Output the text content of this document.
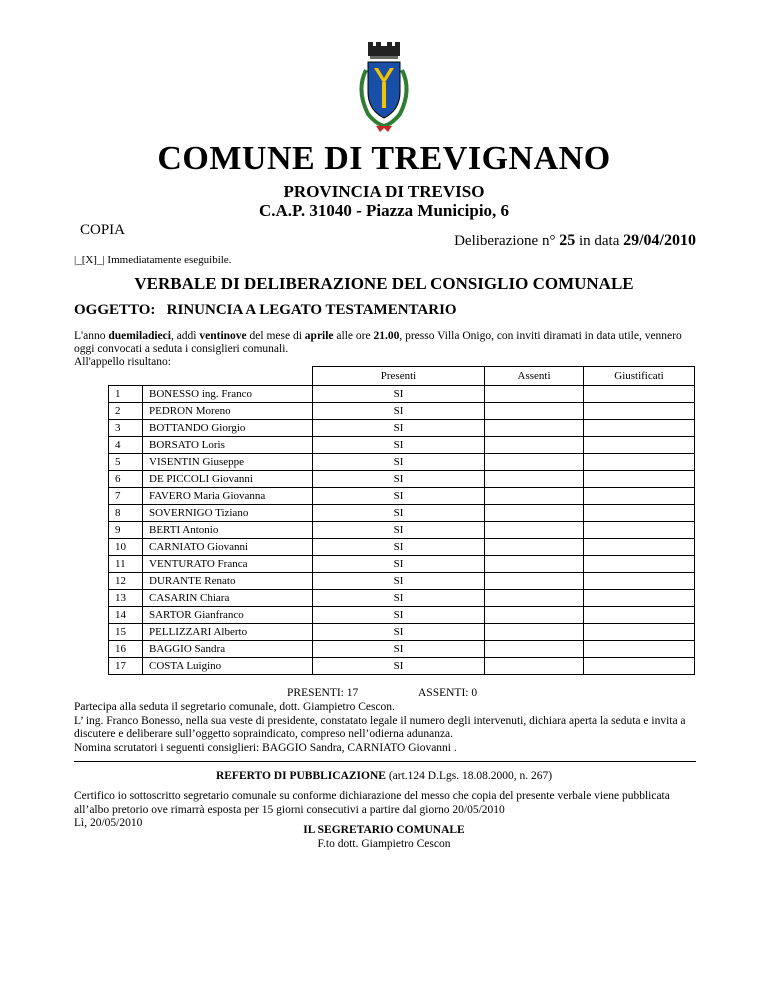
COMUNE DI TREVIGNANO
PROVINCIA DI TREVISO
C.A.P. 31040 - Piazza Municipio, 6
COPIA
Deliberazione n° 25 in data 29/04/2010
|_[X]_| Immediatamente eseguibile.
VERBALE DI DELIBERAZIONE DEL CONSIGLIO COMUNALE
OGGETTO: RINUNCIA A LEGATO TESTAMENTARIO
L'anno duemiladieci, addì ventinove del mese di aprile alle ore 21.00, presso Villa Onigo, con inviti diramati in data utile, vennero oggi convocati a seduta i consiglieri comunali.
All'appello risultano:
		Presenti	Assenti	Giustificati
1	BONESSO ing. Franco	SI		
2	PEDRON Moreno	SI		
3	BOTTANDO Giorgio	SI		
4	BORSATO Loris	SI		
5	VISENTIN Giuseppe	SI		
6	DE PICCOLI Giovanni	SI		
7	FAVERO Maria Giovanna	SI		
8	SOVERNIGO Tiziano	SI		
9	BERTI Antonio	SI		
10	CARNIATO Giovanni	SI		
11	VENTURATO Franca	SI		
12	DURANTE Renato	SI		
13	CASARIN Chiara	SI		
14	SARTOR Gianfranco	SI		
15	PELLIZZARI Alberto	SI		
16	BAGGIO Sandra	SI		
17	COSTA Luigino	SI		
PRESENTI: 17	ASSENTI: 0
Partecipa alla seduta il segretario comunale, dott. Giampietro Cescon.
L’ ing. Franco Bonesso, nella sua veste di presidente, constatato legale il numero degli intervenuti, dichiara aperta la seduta e invita a discutere e deliberare sull’oggetto sopraindicato, compreso nell’odierna adunanza.
Nomina scrutatori i seguenti consiglieri: BAGGIO Sandra, CARNIATO Giovanni .
REFERTO DI PUBBLICAZIONE (art.124 D.Lgs. 18.08.2000, n. 267)
Certifico io sottoscritto segretario comunale su conforme dichiarazione del messo che copia del presente verbale viene pubblicata all’albo pretorio ove rimarrà esposta per 15 giorni consecutivi a partire dal giorno 20/05/2010
Lì, 20/05/2010
IL SEGRETARIO COMUNALE
F.to dott. Giampietro Cescon
